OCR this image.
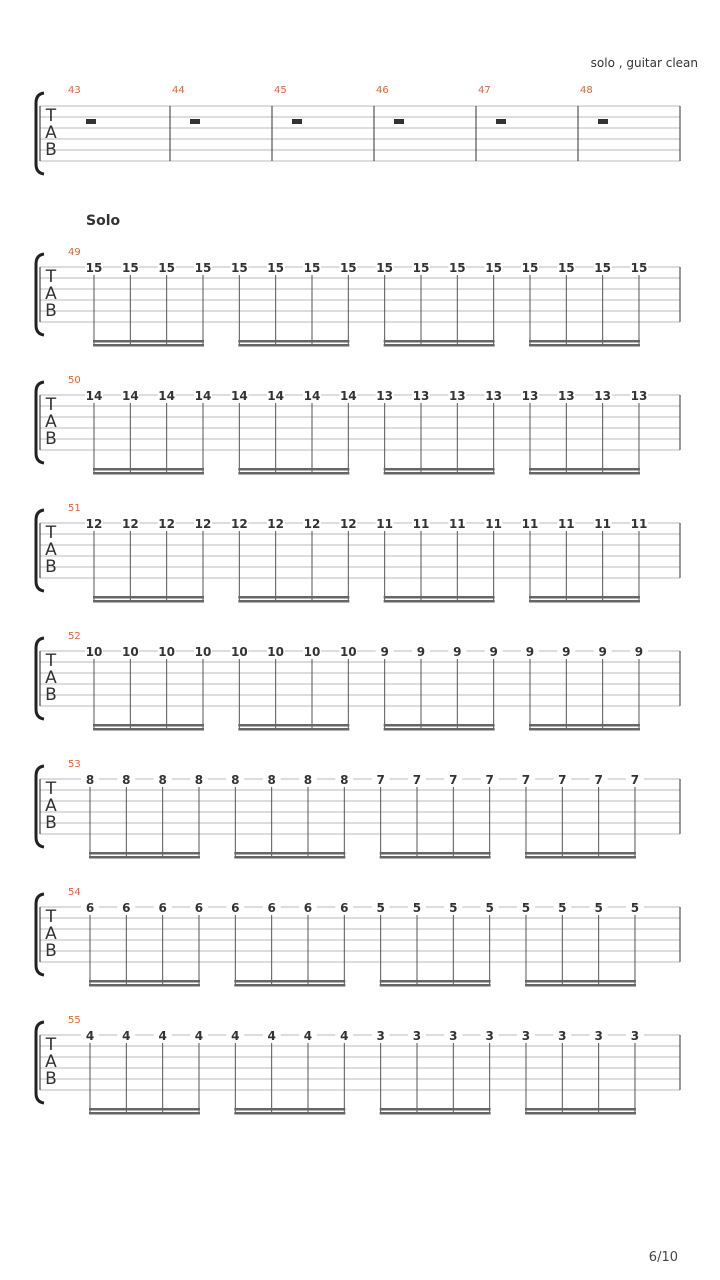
solo , guitar clean
Solo
T
A
B
43	44	45	46	47	48
T
A
B
49
15 15 15 15 15 15 15 15 15 15 15 15 15 15 15 15
T
A
B
50
14 14 14 14 14 14 14 14 13 13 13 13 13 13 13 13
T
A
B
51
12 12 12 12 12 12 12 12 11 11 11 11 11 11 11 11
T
A
B
52
10 10 10 10 10 10 10 10 9 9 9 9 9 9 9 9
T
A
B
53
8 8 8 8 8 8 8 8 7 7 7 7 7 7 7 7
T
A
B
54
6 6 6 6 6 6 6 6 5 5 5 5 5 5 5 5
T
A
B
55
4 4 4 4 4 4 4 4 3 3 3 3 3 3 3 3
6/10
